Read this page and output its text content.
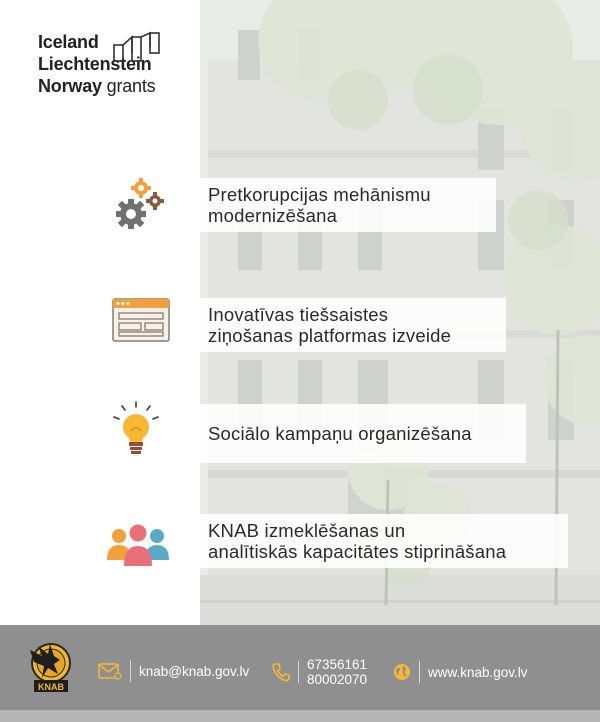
Iceland
Liechtenstein
Norway grants
Pretkorupcijas mehānismu
modernizēšana
Inovatīvas tiešsaistes
ziņošanas platformas izveide
Sociālo kampaņu organizēšana
KNAB izmeklēšanas un
analītiskās kapacitātes stiprināšana
KNAB
knab@knab.gov.lv	67356161
80002070	www.knab.gov.lv
